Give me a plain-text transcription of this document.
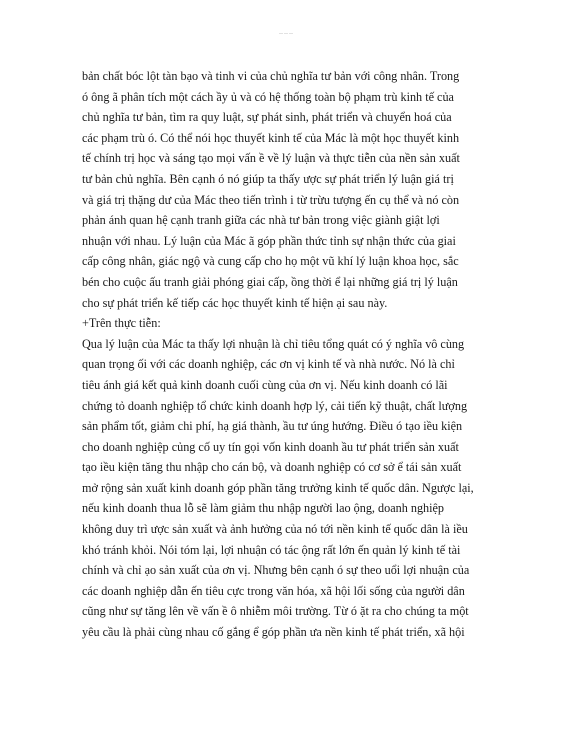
— — —
bản chất bóc lột tàn bạo và tinh vi của chủ nghĩa tư bản với công nhân. Trong
ó ông ã phân tích một cách ầy ủ và có hệ thống toàn bộ phạm trù kinh tế của
chủ nghĩa tư bản, tìm ra quy luật, sự phát sinh, phát triển và chuyển hoá của
các phạm trù ó. Có thể nói học thuyết kinh tế của Mác là một học thuyết kinh
tế chính trị học và sáng tạo mọi vấn ề về lý luận và thực tiễn của nền sản xuất
tư bản chủ nghĩa. Bên cạnh ó nó giúp ta thấy ược sự phát triển lý luận giá trị
và giá trị thặng dư của Mác theo tiến trình i từ trừu tượng ến cụ thể và nó còn
phản ánh quan hệ cạnh tranh giữa các nhà tư bản trong việc giành giật lợi
nhuận với nhau. Lý luận của Mác ã góp phần thức tỉnh sự nhận thức của giai
cấp công nhân, giác ngộ và cung cấp cho họ một vũ khí lý luận khoa học, sắc
bén cho cuộc ấu tranh giải phóng giai cấp, ồng thời ể lại những giá trị lý luận
cho sự phát triển kế tiếp các học thuyết kinh tế hiện ại sau này.
+Trên thực tiễn:
Qua lý luận của Mác ta thấy lợi nhuận là chỉ tiêu tổng quát có ý nghĩa vô cùng
quan trọng ối với các doanh nghiệp, các ơn vị kinh tế và nhà nước. Nó là chỉ
tiêu ánh giá kết quả kinh doanh cuối cùng của ơn vị. Nếu kinh doanh có lãi
chứng tỏ doanh nghiệp tổ chức kinh doanh hợp lý, cải tiến kỹ thuật, chất lượng
sản phẩm tốt, giảm chi phí, hạ giá thành, ầu tư úng hướng. Điều ó tạo iều kiện
cho doanh nghiệp củng cố uy tín gọi vốn kinh doanh ầu tư phát triển sản xuất
tạo iều kiện tăng thu nhập cho cán bộ, và doanh nghiệp có cơ sở ể tái sản xuất
mở rộng sản xuất kinh doanh góp phần tăng trưởng kinh tế quốc dân. Ngược lại,
nếu kinh doanh thua lỗ sẽ làm giảm thu nhập người lao ộng, doanh nghiệp
không duy trì ược sản xuất và ảnh hưởng của nó tới nền kinh tế quốc dân là iều
khó tránh khỏi. Nói tóm lại, lợi nhuận có tác ộng rất lớn ến quản lý kinh tế tài
chính và chỉ ạo sản xuất của ơn vị. Nhưng bên cạnh ó sự theo uổi lợi nhuận của
các doanh nghiệp dẫn ến tiêu cực trong văn hóa, xã hội lối sống của người dân
cũng như sự tăng lên về vấn ề ô nhiễm môi trường. Từ ó ặt ra cho chúng ta một
yêu cầu là phải cùng nhau cố gắng ể góp phần ưa nền kinh tế phát triển, xã hội
